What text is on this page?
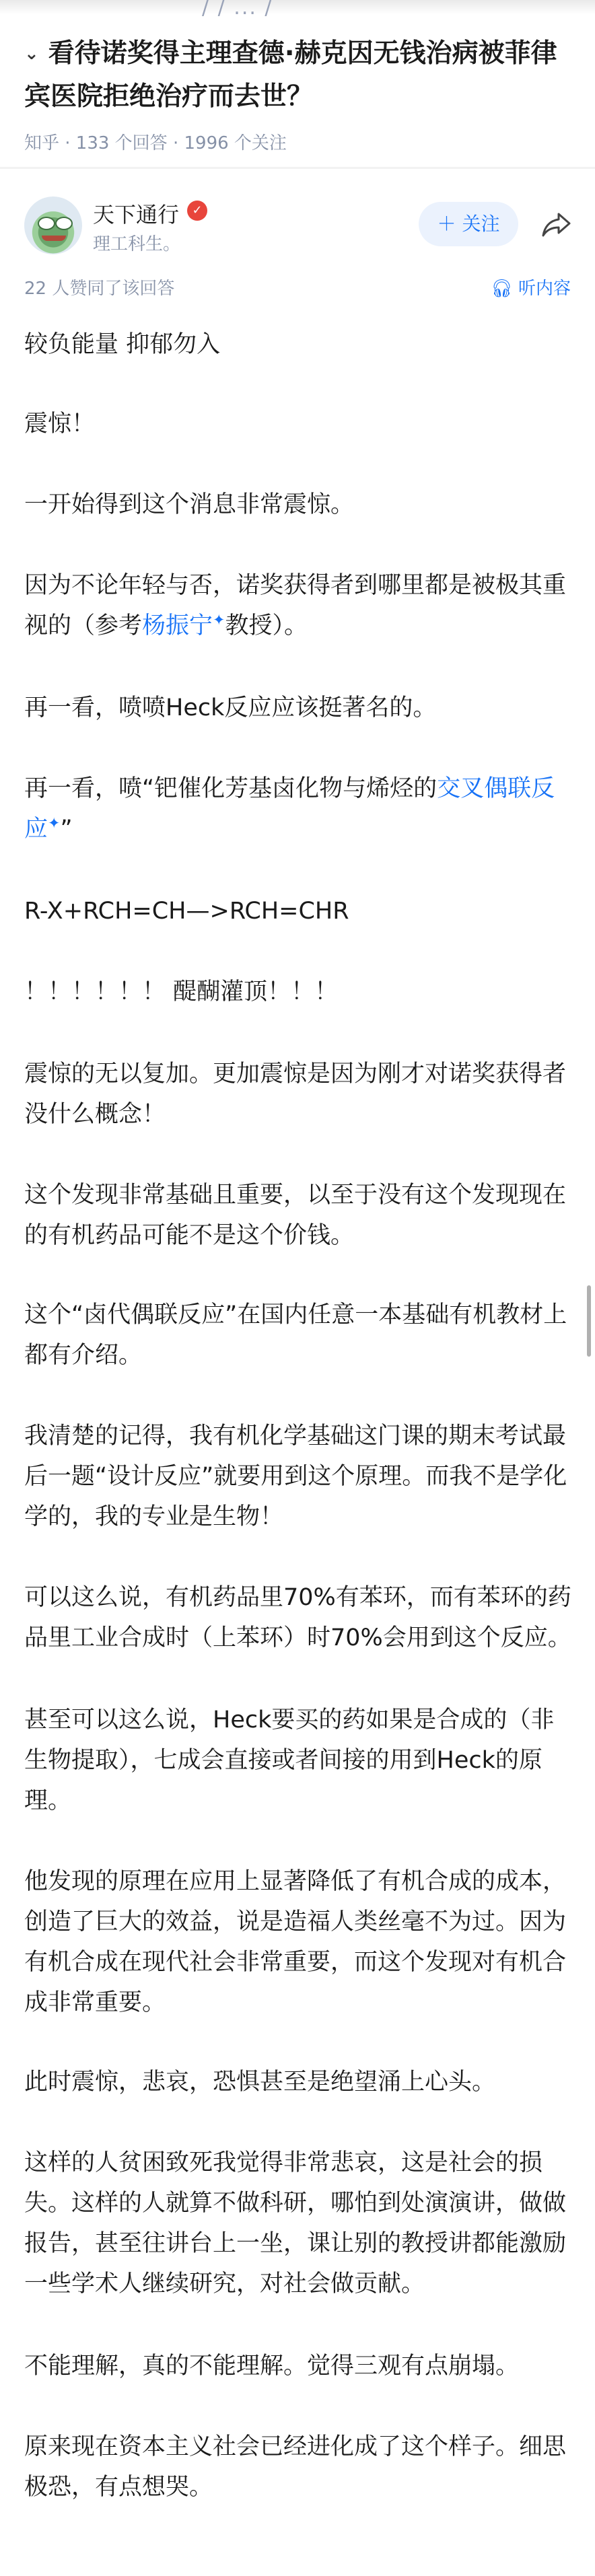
/ / ... /
⌄ 看待诺奖得主理查德·赫克因无钱治病被菲律宾医院拒绝治疗而去世？
知乎 · 133 个回答 · 1996 个关注
天下通行	✓
理工科生。
＋ 关注
22 人赞同了该回答	🎧︎ 听内容

较负能量 抑郁勿入

震惊！

一开始得到这个消息非常震惊。

因为不论年轻与否，诺奖获得者到哪里都是被极其重视的（参考杨振宁✦教授）。

再一看，喷喷Heck反应应该挺著名的。

再一看，喷“钯催化芳基卤化物与烯烃的交叉偶联反应✦”

R-X+RCH=CH—>RCH=CHR

！！！！！！ 醍醐灌顶！！！

震惊的无以复加。更加震惊是因为刚才对诺奖获得者没什么概念！

这个发现非常基础且重要，以至于没有这个发现现在的有机药品可能不是这个价钱。

这个“卤代偶联反应”在国内任意一本基础有机教材上都有介绍。

我清楚的记得，我有机化学基础这门课的期末考试最后一题“设计反应”就要用到这个原理。而我不是学化学的，我的专业是生物！

可以这么说，有机药品里70%有苯环，而有苯环的药品里工业合成时（上苯环）时70%会用到这个反应。

甚至可以这么说，Heck要买的药如果是合成的（非生物提取），七成会直接或者间接的用到Heck的原理。

他发现的原理在应用上显著降低了有机合成的成本，创造了巨大的效益，说是造福人类丝毫不为过。因为有机合成在现代社会非常重要，而这个发现对有机合成非常重要。

此时震惊，悲哀，恐惧甚至是绝望涌上心头。

这样的人贫困致死我觉得非常悲哀，这是社会的损失。这样的人就算不做科研，哪怕到处演演讲，做做报告，甚至往讲台上一坐，课让别的教授讲都能激励一些学术人继续研究，对社会做贡献。

不能理解，真的不能理解。觉得三观有点崩塌。

原来现在资本主义社会已经进化成了这个样子。细思极恐，有点想哭。
